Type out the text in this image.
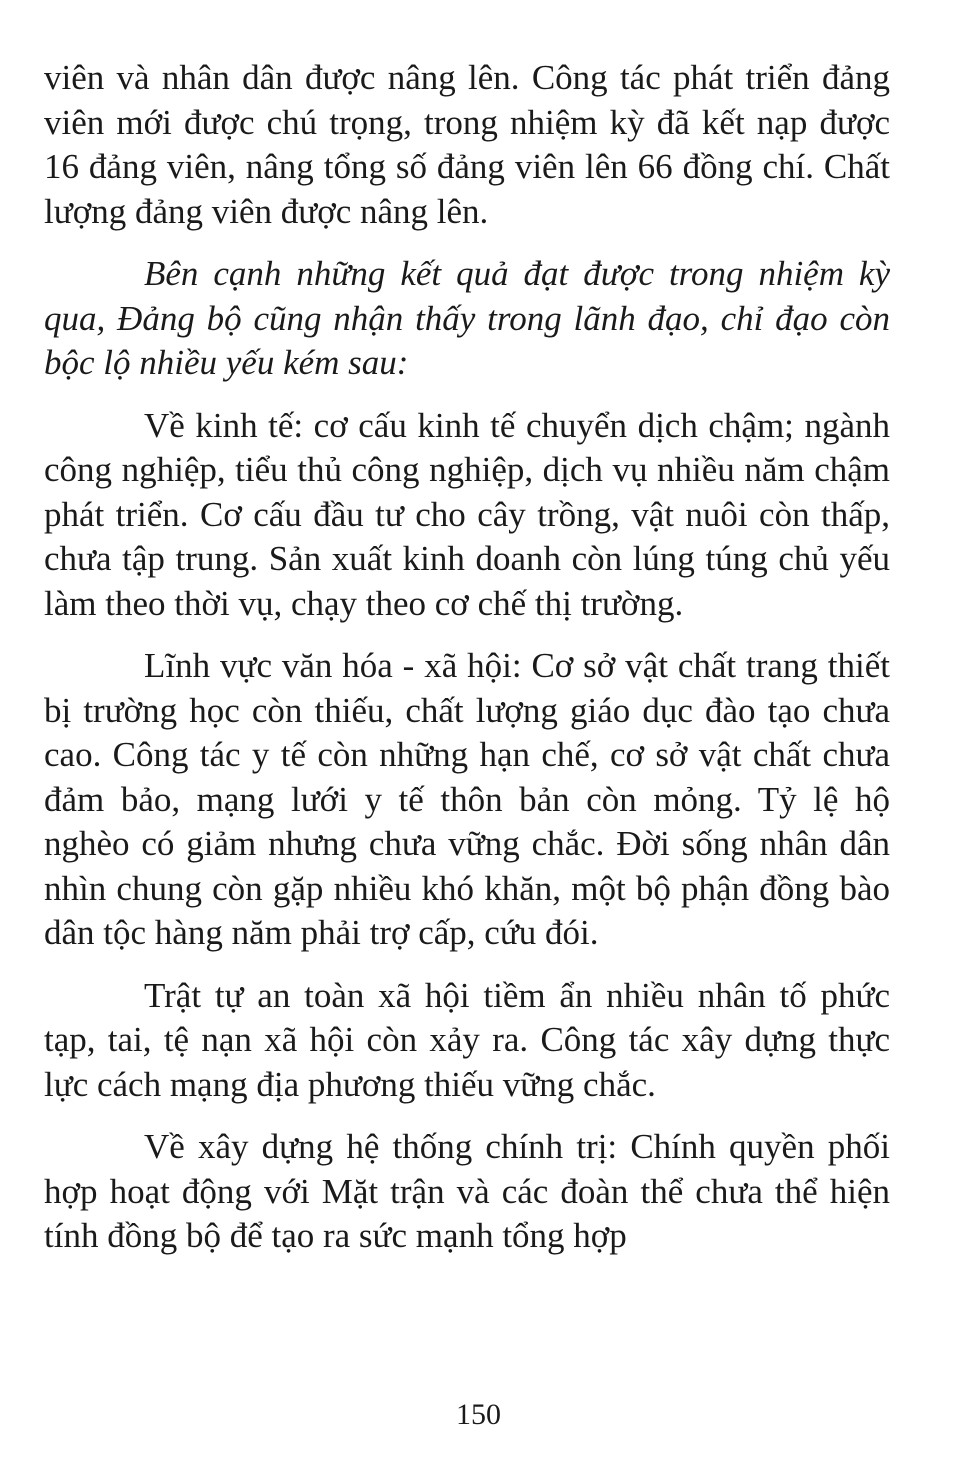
viên và nhân dân được nâng lên. Công tác phát triển đảng viên mới được chú trọng, trong nhiệm kỳ đã kết nạp được 16 đảng viên, nâng tổng số đảng viên lên 66 đồng chí. Chất lượng đảng viên được nâng lên.

Bên cạnh những kết quả đạt được trong nhiệm kỳ qua, Đảng bộ cũng nhận thấy trong lãnh đạo, chỉ đạo còn bộc lộ nhiều yếu kém sau:

Về kinh tế: cơ cấu kinh tế chuyển dịch chậm; ngành công nghiệp, tiểu thủ công nghiệp, dịch vụ nhiều năm chậm phát triển. Cơ cấu đầu tư cho cây trồng, vật nuôi còn thấp, chưa tập trung. Sản xuất kinh doanh còn lúng túng chủ yếu làm theo thời vụ, chạy theo cơ chế thị trường.

Lĩnh vực văn hóa - xã hội: Cơ sở vật chất trang thiết bị trường học còn thiếu, chất lượng giáo dục đào tạo chưa cao. Công tác y tế còn những hạn chế, cơ sở vật chất chưa đảm bảo, mạng lưới y tế thôn bản còn mỏng. Tỷ lệ hộ nghèo có giảm nhưng chưa vững chắc. Đời sống nhân dân nhìn chung còn gặp nhiều khó khăn, một bộ phận đồng bào dân tộc hàng năm phải trợ cấp, cứu đói.

Trật tự an toàn xã hội tiềm ẩn nhiều nhân tố phức tạp, tai, tệ nạn xã hội còn xảy ra. Công tác xây dựng thực lực cách mạng địa phương thiếu vững chắc.

Về xây dựng hệ thống chính trị: Chính quyền phối hợp hoạt động với Mặt trận và các đoàn thể chưa thể hiện tính đồng bộ để tạo ra sức mạnh tổng hợp

150
